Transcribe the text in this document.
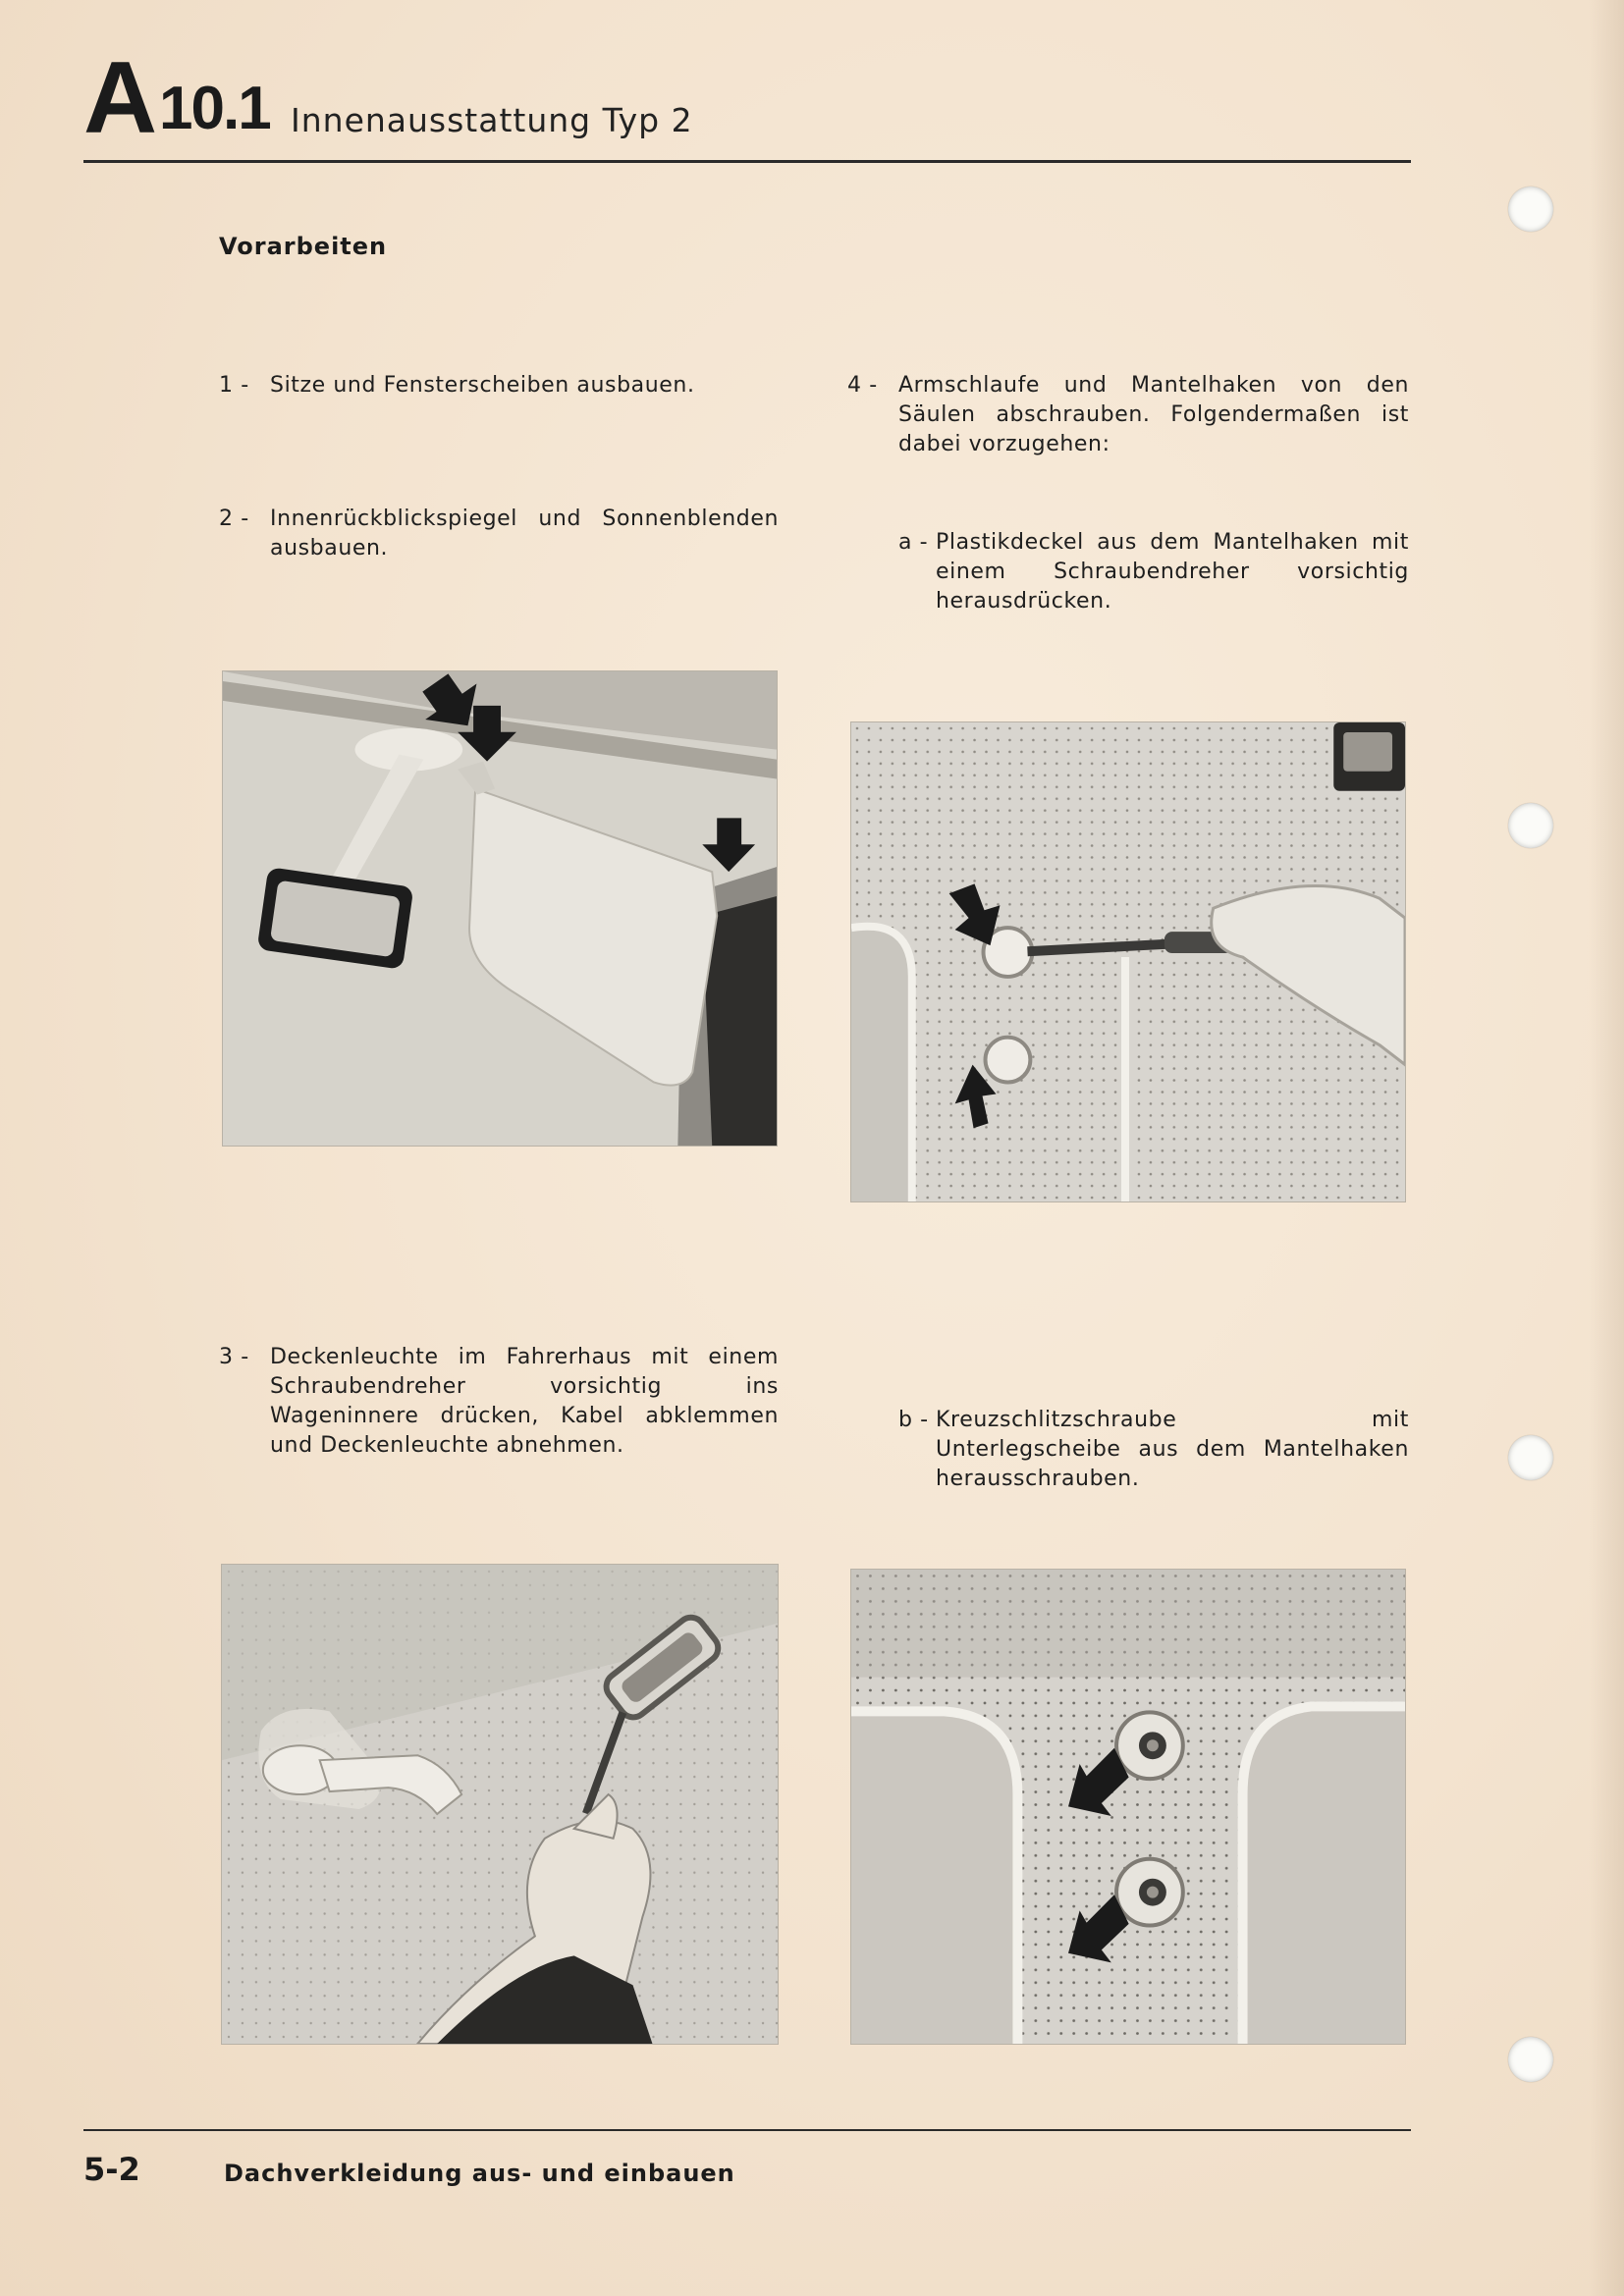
A 10.1 Innenausstattung Typ 2
Vorarbeiten
1 - Sitze und Fensterscheiben ausbauen.
2 - Innenrückblickspiegel und Sonnenblenden ausbauen.
4 - Armschlaufe und Mantelhaken von den Säulen abschrauben. Folgendermaßen ist dabei vorzugehen:
a - Plastikdeckel aus dem Mantelhaken mit einem Schraubendreher vorsichtig herausdrücken.
3 - Deckenleuchte im Fahrerhaus mit einem Schraubendreher vorsichtig ins Wageninnere drücken, Kabel abklemmen und Deckenleuchte abnehmen.
b - Kreuzschlitzschraube mit Unterlegscheibe aus dem Mantelhaken herausschrauben.
5-2	Dachverkleidung aus- und einbauen
